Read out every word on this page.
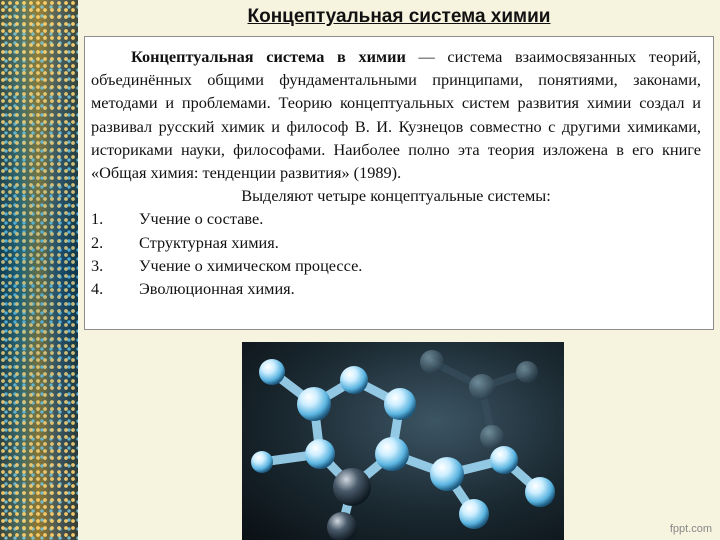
Концептуальная система химии

Концептуальная система в химии — система взаимосвязанных теорий, объединённых общими фундаментальными принципами, понятиями, законами, методами и проблемами. Теорию концептуальных систем развития химии создал и развивал русский химик и философ В. И. Кузнецов совместно с другими химиками, историками науки, философами. Наиболее полно эта теория изложена в его книге «Общая химия: тенденции развития» (1989).

Выделяют четыре концептуальные системы:

1.	Учение о составе.
2.	Структурная химия.
3.	Учение о химическом процессе.
4.	Эволюционная химия.
fppt.com
